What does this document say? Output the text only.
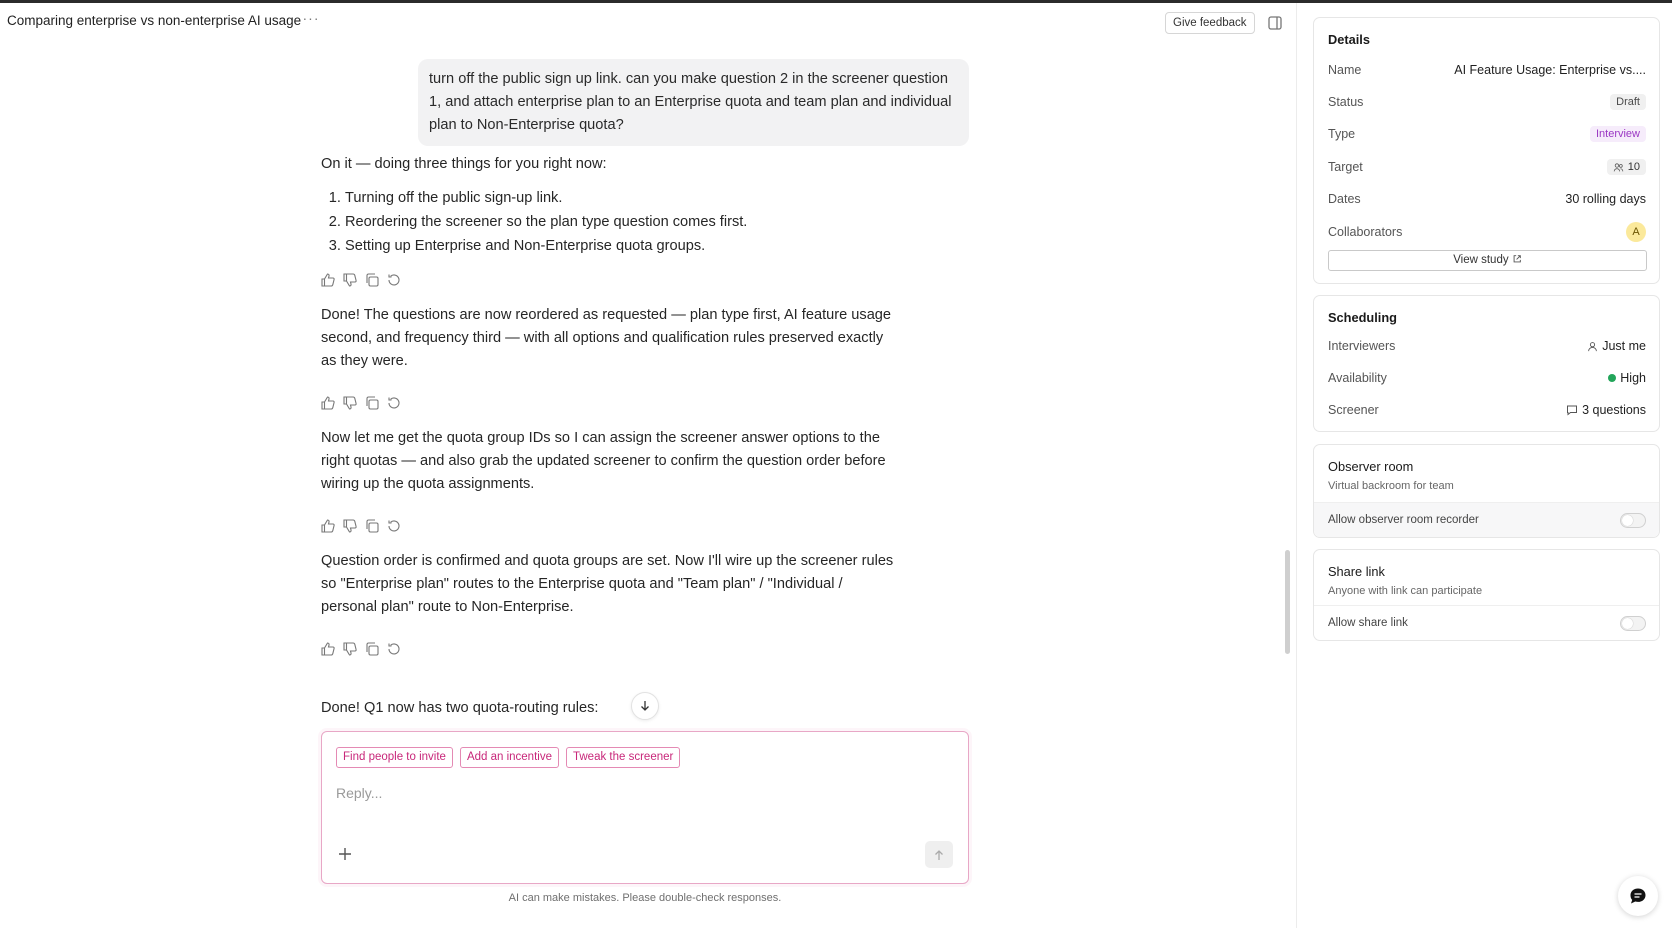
Comparing enterprise vs non-enterprise AI usage ···	Give feedback
turn off the public sign up link. can you make question 2 in the screener question 1, and attach enterprise plan to an Enterprise quota and team plan and individual plan to Non-Enterprise quota?
On it — doing three things for you right now:
1. Turning off the public sign-up link.
2. Reordering the screener so the plan type question comes first.
3. Setting up Enterprise and Non-Enterprise quota groups.
Done! The questions are now reordered as requested — plan type first, AI feature usage second, and frequency third — with all options and qualification rules preserved exactly as they were.
Now let me get the quota group IDs so I can assign the screener answer options to the right quotas — and also grab the updated screener to confirm the question order before wiring up the quota assignments.
Question order is confirmed and quota groups are set. Now I'll wire up the screener rules so "Enterprise plan" routes to the Enterprise quota and "Team plan" / "Individual / personal plan" route to Non-Enterprise.
Done! Q1 now has two quota-routing rules:
Find people to invite	Add an incentive	Tweak the screener
Reply...
AI can make mistakes. Please double-check responses.
Details
Name	AI Feature Usage: Enterprise vs....
Status	Draft
Type	Interview
Target	10
Dates	30 rolling days
Collaborators	A
View study
Scheduling
Interviewers	Just me
Availability	High
Screener	3 questions
Observer room
Virtual backroom for team
Allow observer room recorder
Share link
Anyone with link can participate
Allow share link
